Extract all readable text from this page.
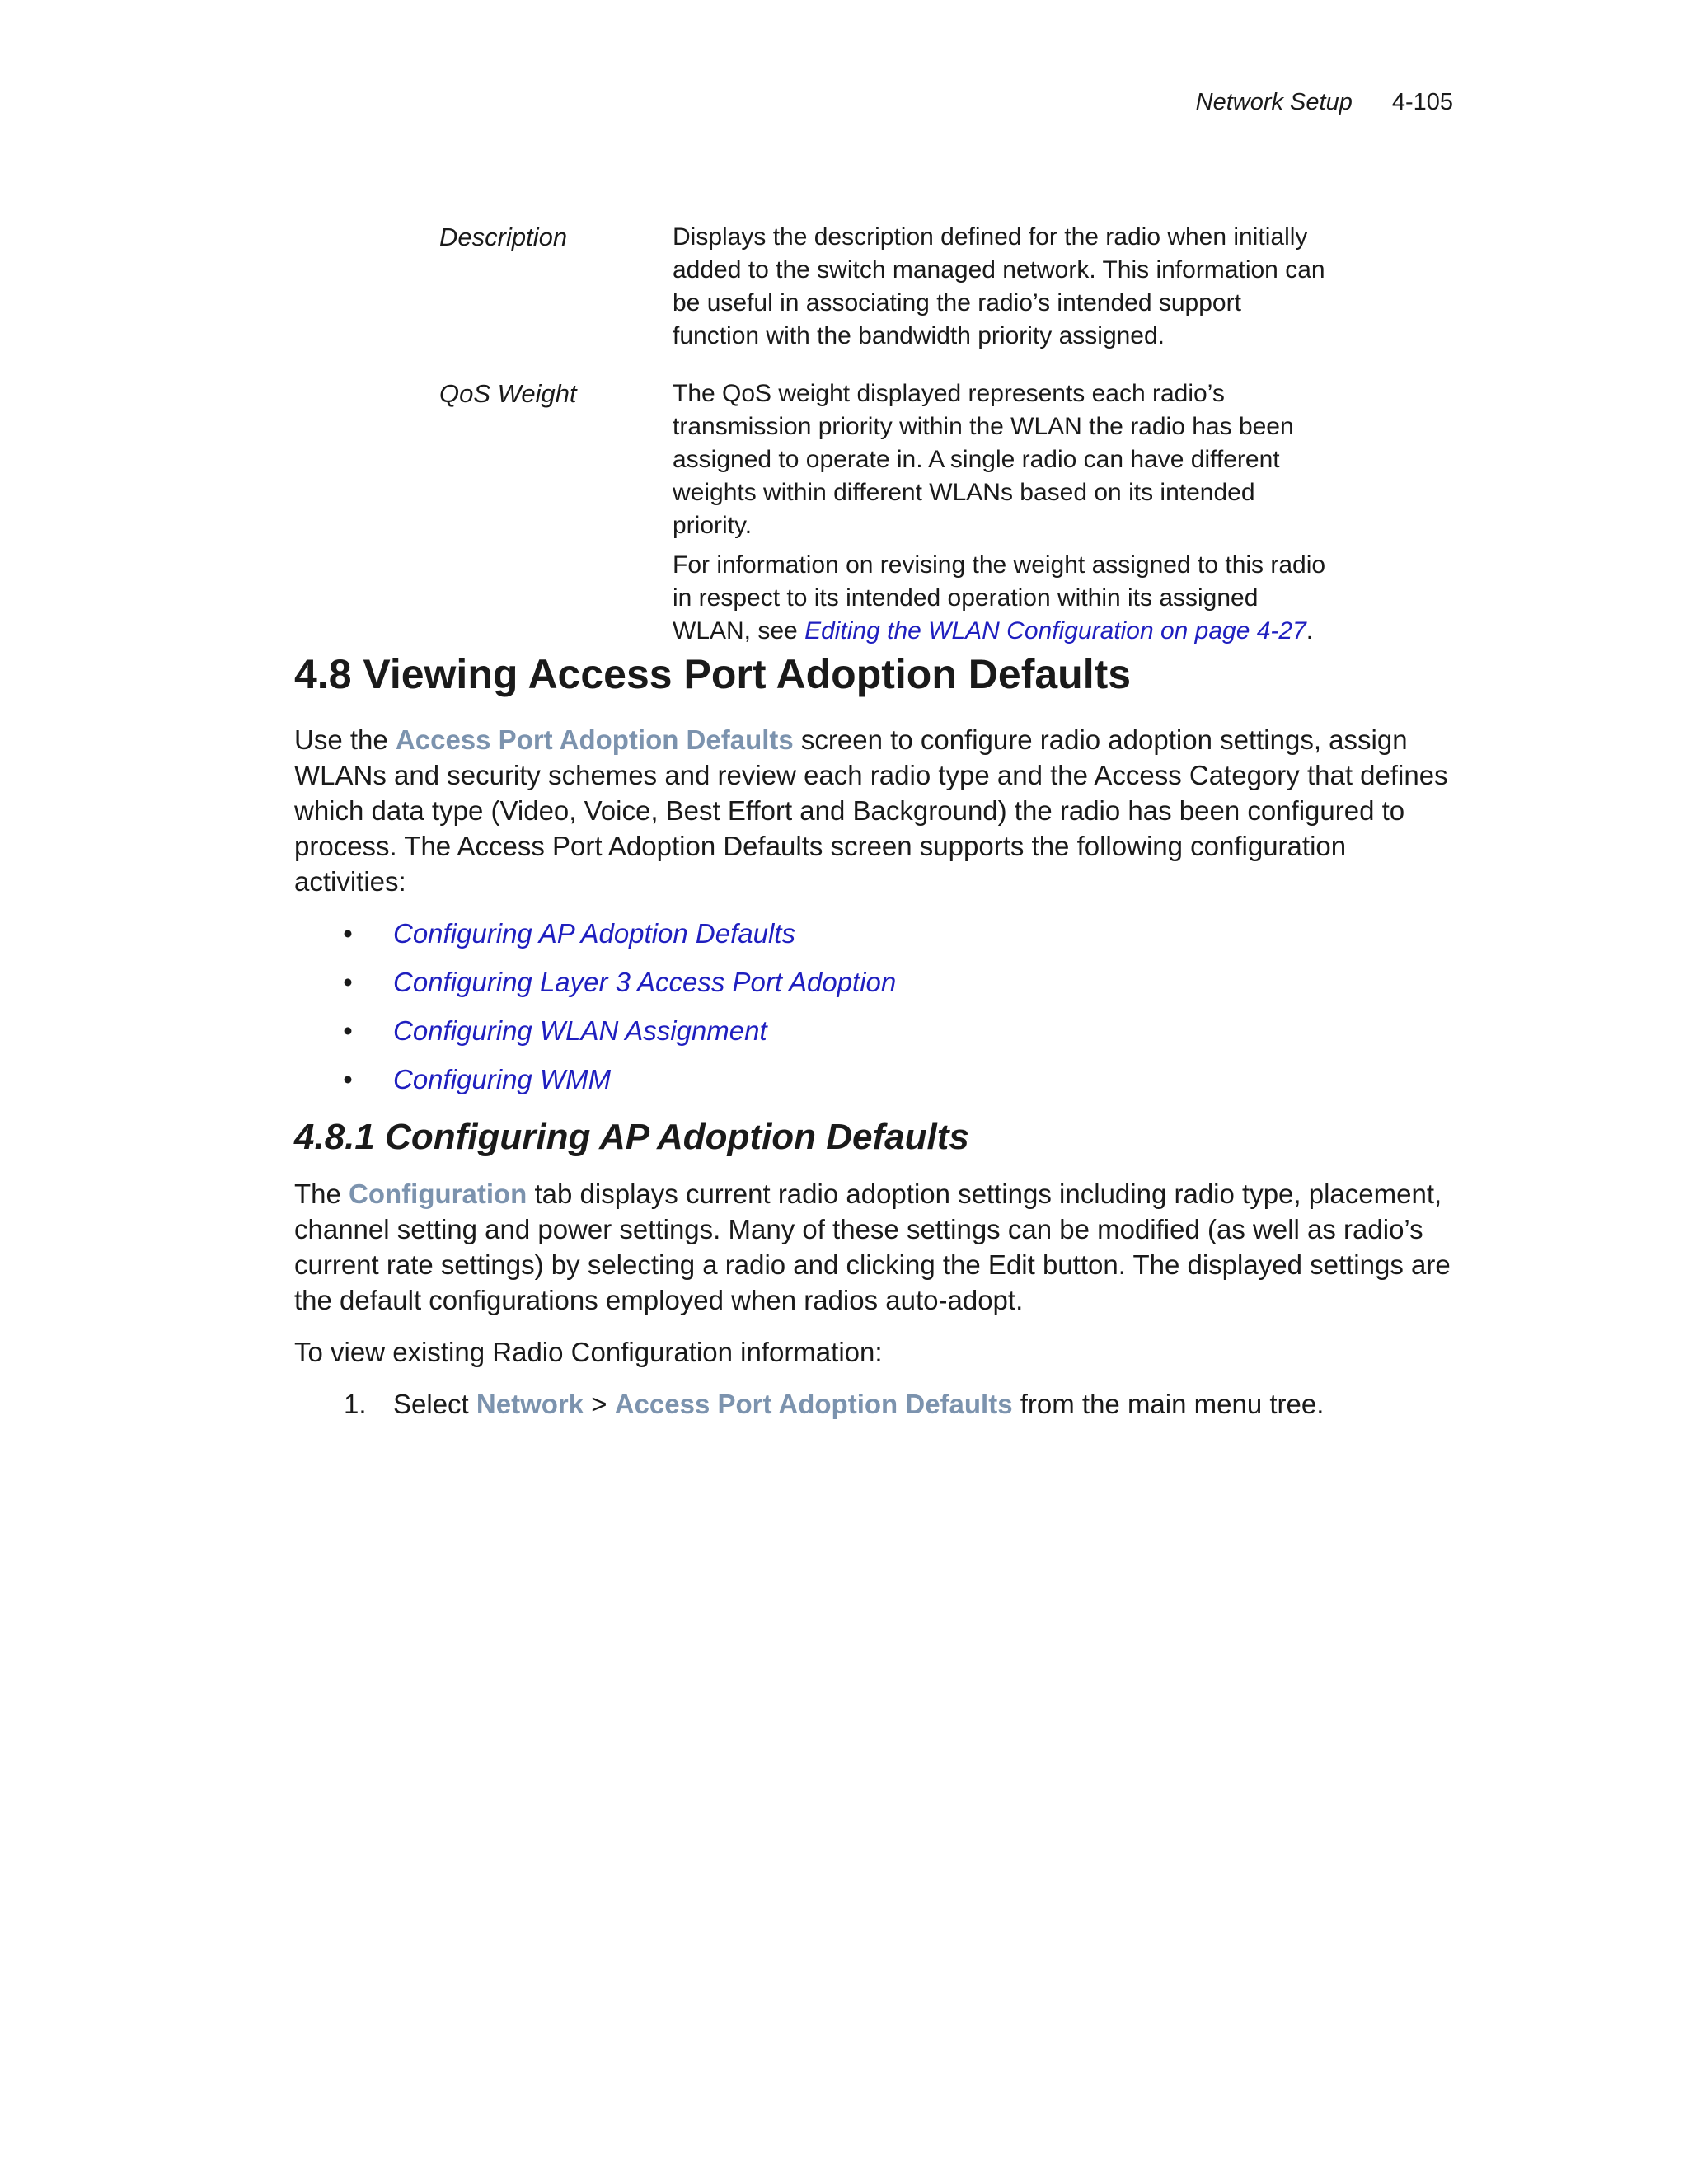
Network Setup 4-105
Description	Displays the description defined for the radio when initially added to the switch managed network. This information can be useful in associating the radio’s intended support function with the bandwidth priority assigned.

QoS Weight	The QoS weight displayed represents each radio’s transmission priority within the WLAN the radio has been assigned to operate in. A single radio can have different weights within different WLANs based on its intended priority.

For information on revising the weight assigned to this radio in respect to its intended operation within its assigned WLAN, see Editing the WLAN Configuration on page 4-27.

4.8 Viewing Access Port Adoption Defaults

Use the Access Port Adoption Defaults screen to configure radio adoption settings, assign WLANs and security schemes and review each radio type and the Access Category that defines which data type (Video, Voice, Best Effort and Background) the radio has been configured to process. The Access Port Adoption Defaults screen supports the following configuration activities:

•	Configuring AP Adoption Defaults
•	Configuring Layer 3 Access Port Adoption
•	Configuring WLAN Assignment
•	Configuring WMM
4.8.1 Configuring AP Adoption Defaults

The Configuration tab displays current radio adoption settings including radio type, placement, channel setting and power settings. Many of these settings can be modified (as well as radio’s current rate settings) by selecting a radio and clicking the Edit button. The displayed settings are the default configurations employed when radios auto-adopt.

To view existing Radio Configuration information:

1. Select Network > Access Port Adoption Defaults from the main menu tree.
